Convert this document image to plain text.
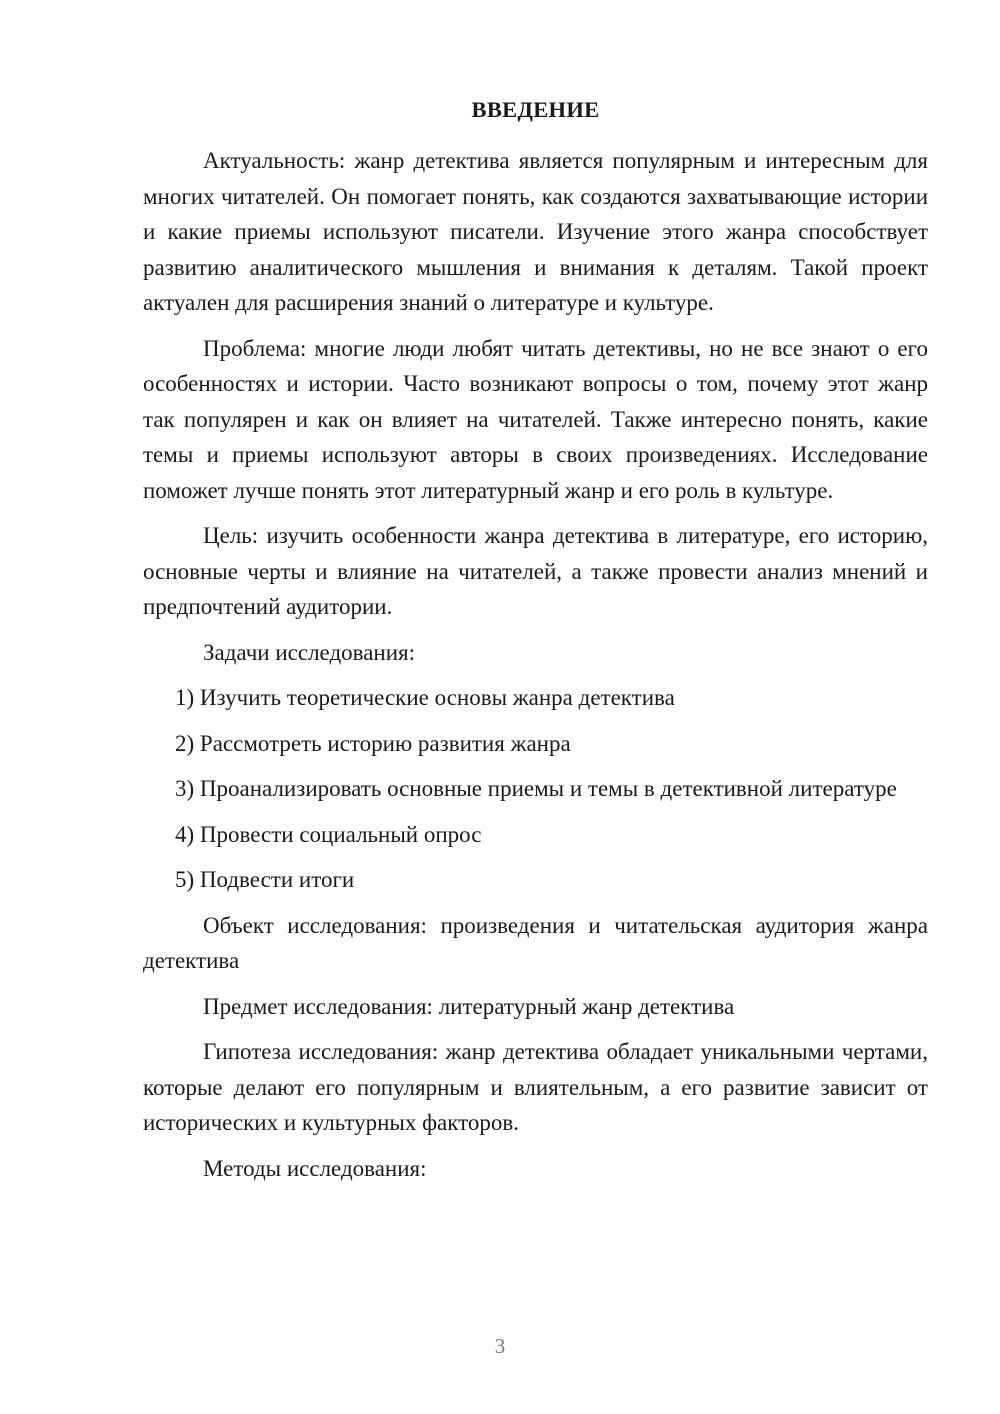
ВВЕДЕНИЕ

Актуальность: жанр детектива является популярным и интересным для многих читателей. Он помогает понять, как создаются захватывающие истории и какие приемы используют писатели. Изучение этого жанра способствует развитию аналитического мышления и внимания к деталям. Такой проект актуален для расширения знаний о литературе и культуре.

Проблема: многие люди любят читать детективы, но не все знают о его особенностях и истории. Часто возникают вопросы о том, почему этот жанр так популярен и как он влияет на читателей. Также интересно понять, какие темы и приемы используют авторы в своих произведениях. Исследование поможет лучше понять этот литературный жанр и его роль в культуре.

Цель: изучить особенности жанра детектива в литературе, его историю, основные черты и влияние на читателей, а также провести анализ мнений и предпочтений аудитории.

Задачи исследования:

1) Изучить теоретические основы жанра детектива

2) Рассмотреть историю развития жанра

3) Проанализировать основные приемы и темы в детективной литературе

4) Провести социальный опрос

5) Подвести итоги

Объект исследования: произведения и читательская аудитория жанра детектива

Предмет исследования: литературный жанр детектива

Гипотеза исследования: жанр детектива обладает уникальными чертами, которые делают его популярным и влиятельным, а его развитие зависит от исторических и культурных факторов.

Методы исследования:

3
